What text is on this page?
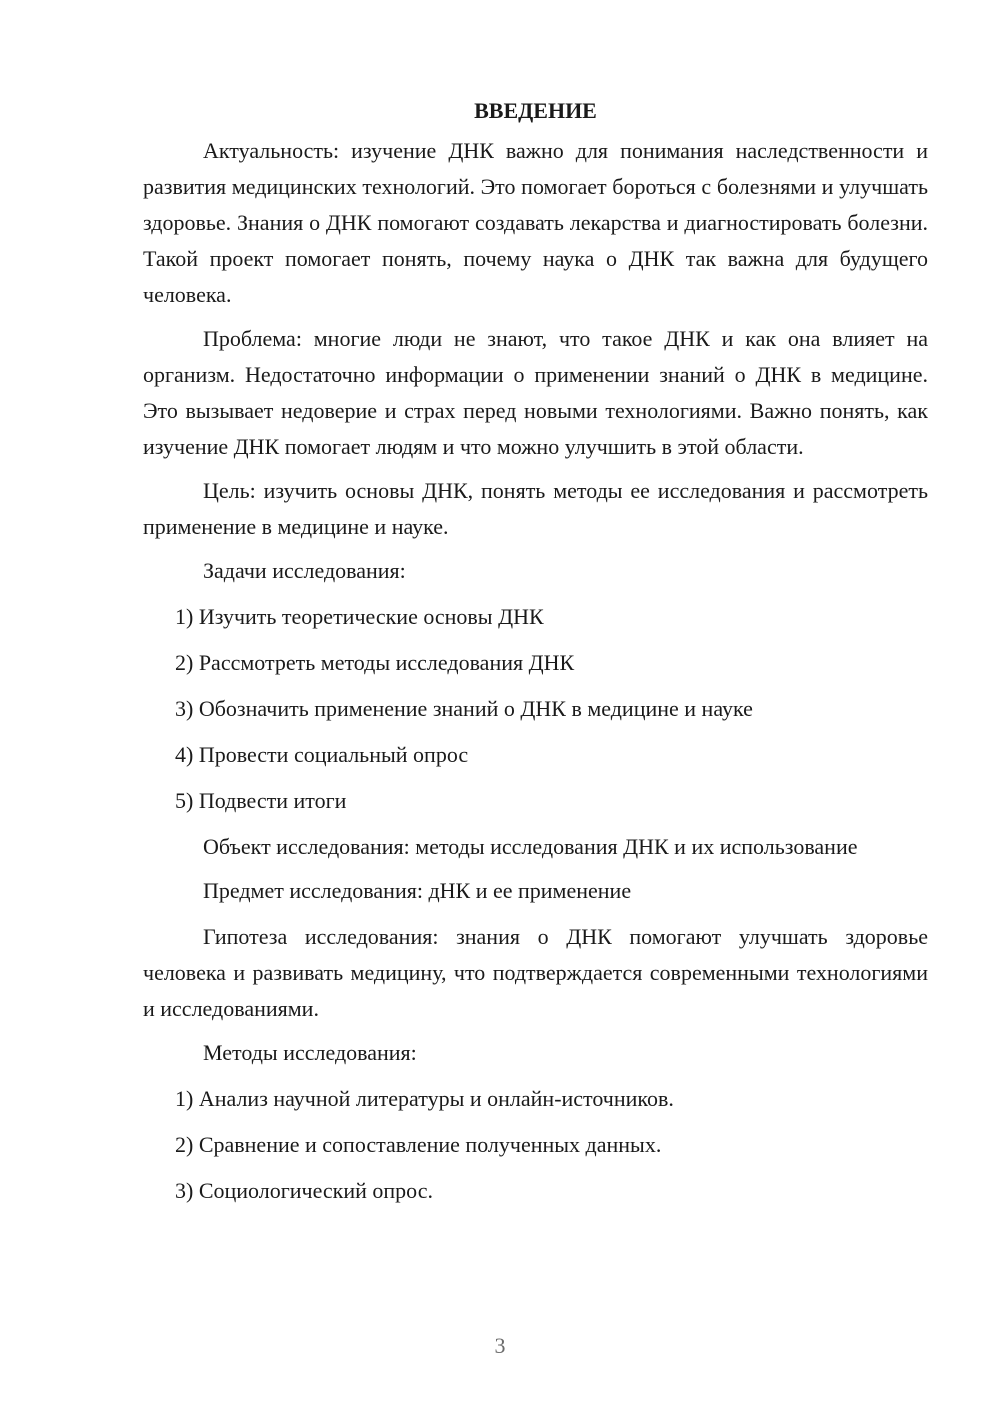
ВВЕДЕНИЕ

Актуальность: изучение ДНК важно для понимания наследственности и развития медицинских технологий. Это помогает бороться с болезнями и улучшать здоровье. Знания о ДНК помогают создавать лекарства и диагностировать болезни. Такой проект помогает понять, почему наука о ДНК так важна для будущего человека.

Проблема: многие люди не знают, что такое ДНК и как она влияет на организм. Недостаточно информации о применении знаний о ДНК в медицине. Это вызывает недоверие и страх перед новыми технологиями. Важно понять, как изучение ДНК помогает людям и что можно улучшить в этой области.

Цель: изучить основы ДНК, понять методы ее исследования и рассмотреть применение в медицине и науке.

Задачи исследования:

1) Изучить теоретические основы ДНК

2) Рассмотреть методы исследования ДНК

3) Обозначить применение знаний о ДНК в медицине и науке

4) Провести социальный опрос

5) Подвести итоги

Объект исследования: методы исследования ДНК и их использование

Предмет исследования: дНК и ее применение

Гипотеза исследования: знания о ДНК помогают улучшать здоровье человека и развивать медицину, что подтверждается современными технологиями и исследованиями.

Методы исследования:

1) Анализ научной литературы и онлайн-источников.

2) Сравнение и сопоставление полученных данных.

3) Социологический опрос.

3
